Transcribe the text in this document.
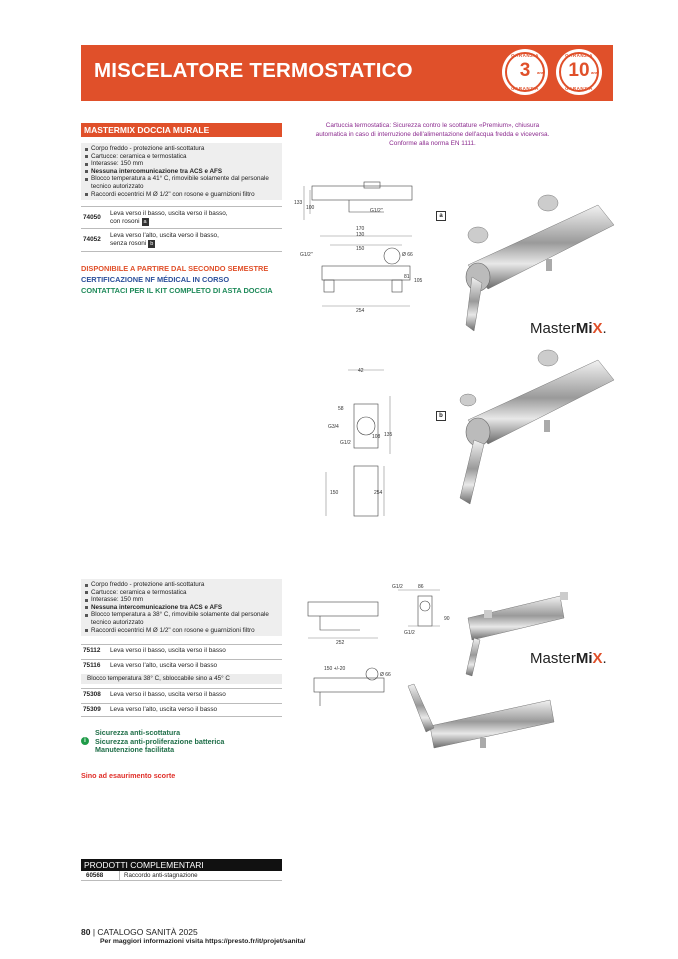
MISCELATORE TERMOSTATICO
GARANZIA
3	ans
GARANZIA
GARANZIA
10 ans
GARANZIA
MASTERMIX DOCCIA MURALE
Corpo freddo - protezione anti-scottatura
Cartucce: ceramica e termostatica
Interasse: 150 mm
Nessuna intercomunicazione tra ACS e AFS
Blocco temperatura a 41° C, rimovibile solamente dal personale
tecnico autorizzato
Raccordi eccentrici M Ø 1/2" con rosone e guarnizioni filtro
74050
Leva verso il basso, uscita verso il basso,
con rosoni a
74052
Leva verso l'alto, uscita verso il basso,
senza rosoni b
DISPONIBILE A PARTIRE DAL SECONDO SEMESTRE
CERTIFICAZIONE NF MÉDICAL IN CORSO
CONTATTACI PER IL KIT COMPLETO DI ASTA DOCCIA
Cartuccia termostatica: Sicurezza contro le scottature «Premium», chiusura
automatica in caso di interruzione dell'alimentazione dell'acqua fredda e viceversa.
Conforme alla norma EN 1111.
133
100	G1/2"
170
130
150
G1/2"	Ø 66
81
105
254
a
MasterMiX.
42
58
G3/4
G1/2
108 135
150	254
b
Corpo freddo - protezione anti-scottatura
Cartucce: ceramica e termostatica
Interasse: 150 mm
Nessuna intercomunicazione tra ACS e AFS
Blocco temperatura a 38° C, rimovibile solamente dal personale
tecnico autorizzato
Raccordi eccentrici M Ø 1/2" con rosone e guarnizioni filtro
75112	Leva verso il basso, uscita verso il basso
75116	Leva verso l'alto, uscita verso il basso
Blocco temperatura 38° C, sbloccabile sino a 45° C
75308	Leva verso il basso, uscita verso il basso
75309	Leva verso l'alto, uscita verso il basso
i
Sicurezza anti-scottatura
Sicurezza anti-proliferazione batterica
Manutenzione facilitata
Sino ad esaurimento scorte
G1/2	86
90
G1/2
252
150 +/-20
Ø 66
MasterMiX.
PRODOTTI COMPLEMENTARI
60568	Raccordo anti-stagnazione
80 | CATALOGO SANITÀ 2025
Per maggiori informazioni visita https://presto.fr/it/projet/sanita/
